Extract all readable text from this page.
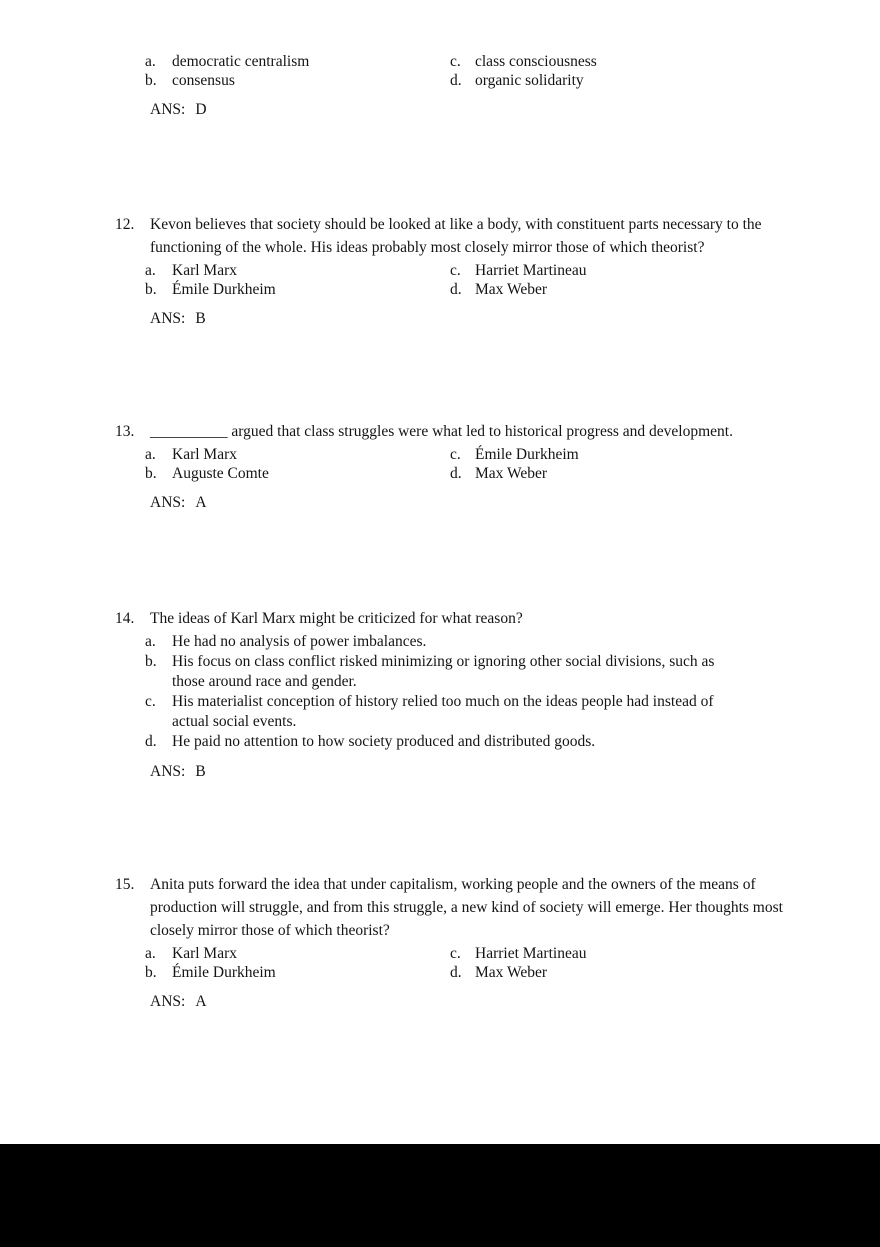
a.	democratic centralism	c. class consciousness
b. consensus	d. organic solidarity
ANS: D
12. Kevon believes that society should be looked at like a body, with constituent parts necessary to the functioning of the whole. His ideas probably most closely mirror those of which theorist?
a.	Karl Marx	c. Harriet Martineau
b. Émile Durkheim	d. Max Weber
ANS: B
13. __________ argued that class struggles were what led to historical progress and development.
a.	Karl Marx	c. Émile Durkheim
b. Auguste Comte	d. Max Weber
ANS: A
14. The ideas of Karl Marx might be criticized for what reason?
a.	He had no analysis of power imbalances.
b. His focus on class conflict risked minimizing or ignoring other social divisions, such as those around race and gender.
c.	His materialist conception of history relied too much on the ideas people had instead of actual social events.
d. He paid no attention to how society produced and distributed goods.
ANS: B
15. Anita puts forward the idea that under capitalism, working people and the owners of the means of production will struggle, and from this struggle, a new kind of society will emerge. Her thoughts most closely mirror those of which theorist?
a.	Karl Marx	c. Harriet Martineau
b. Émile Durkheim	d. Max Weber
ANS: A
